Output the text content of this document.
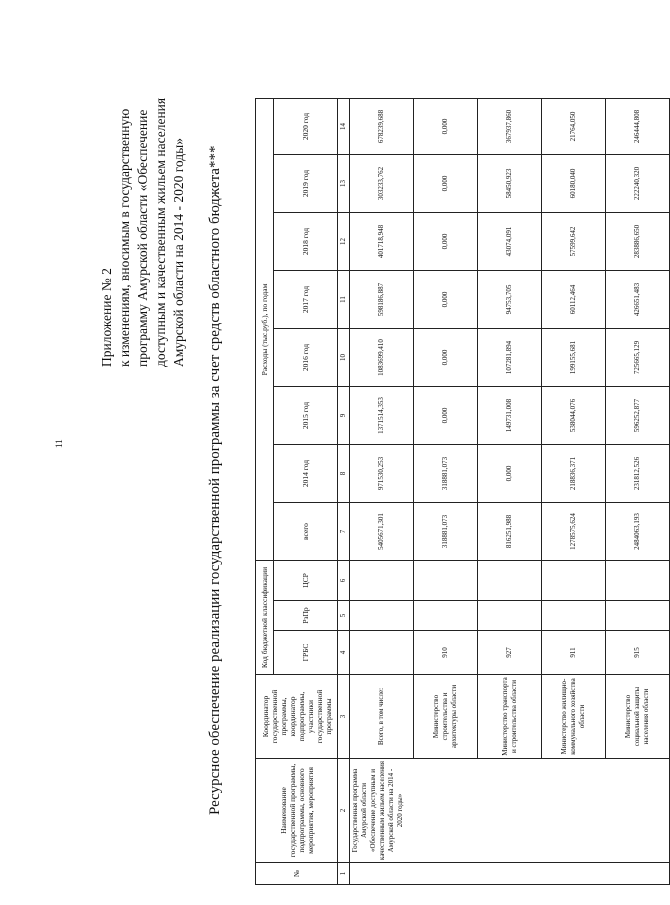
11
Приложение № 2 к изменениям, вносимым в государственную программу Амурской области «Обеспечение доступным и качественным жильем населения Амурской области на 2014 - 2020 годы» Ресурсное обеспечение реализации государственной программы за счет средств областного бюджета***
№	Наименование государственной программы, подпрограммы, основного мероприятия, мероприятия	Координатор государственной программы, координатор подпрограммы, участники государственной программы	Код бюджетной классификации			Расходы (тыс.руб.), по годам							
			ГРБС	РзПр	ЦСР	всего	2014 год	2015 год	2016 год	2017 год	2018 год	2019 год	2020 год
1	2	3	4	5	6	7	8	9	10	11	12	13	14
	Государственная программа Амурской области «Обеспечение доступным и качественным жильем населения Амурской области на 2014 - 2020 годы»	Всего, в том числе:				5405671,301	971530,253	1371514,353	1083699,410	598186,887	401718,948	303233,762	678239,688
		Министерство строительства и архитектуры области	910			318881,073	318881,073	0,000	0,000	0,000	0,000	0,000	0,000
		Министерство транспорта и строительства области	927			816251,988	0,000	149731,008	107281,894	94753,705	43074,091	58450,923	367937,860
		Министерство жилищно-коммунального хозяйства области	911			1278575,624	218836,371	538044,076	199155,681	60112,464	57599,642	60180,040	21764,050
		Министерство социальной защиты населения области	915			2484063,193	231812,526	596252,877	725665,129	426651,483	283886,650	222240,320	246444,808
